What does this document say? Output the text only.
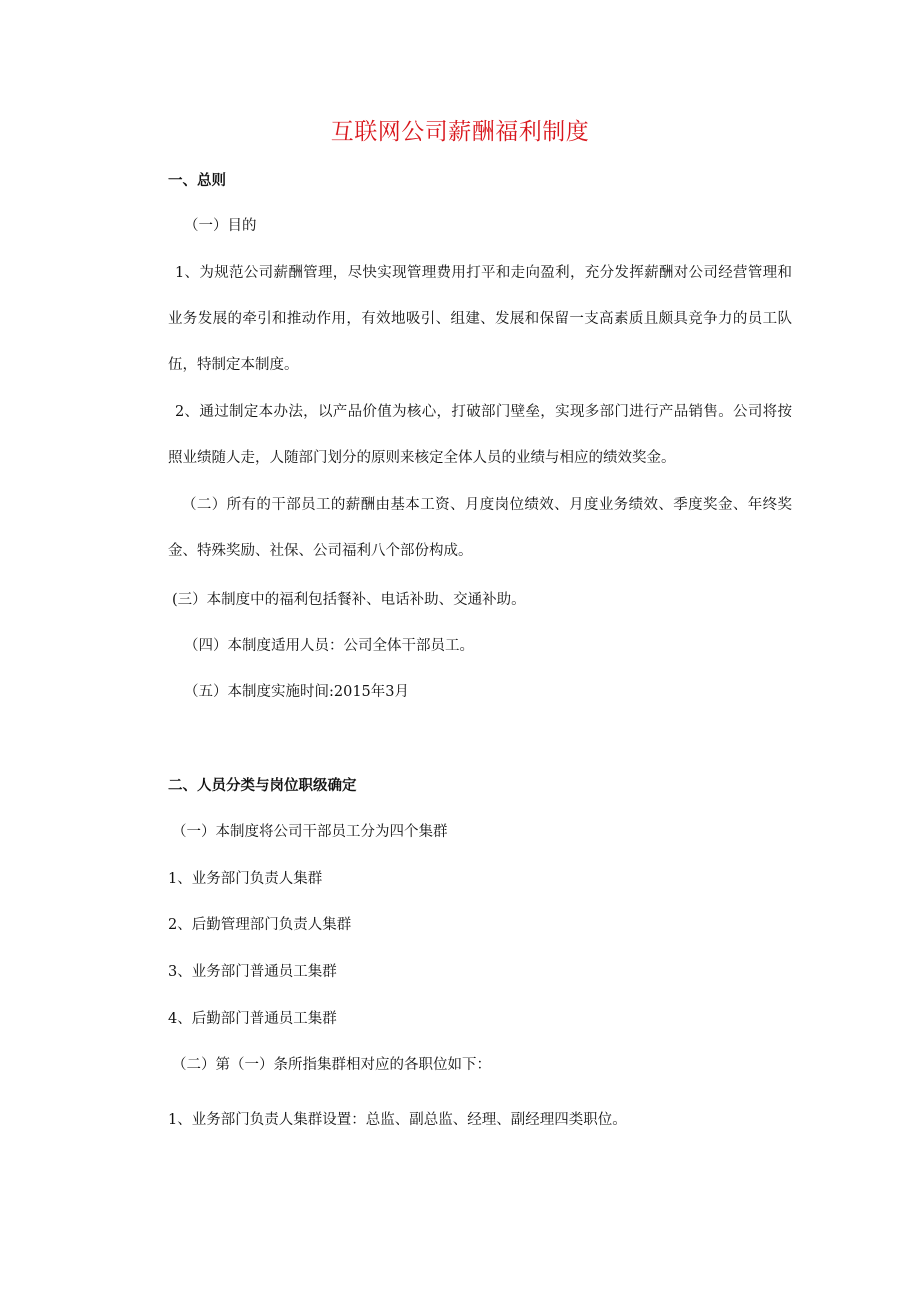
互联网公司薪酬福利制度
一、总则
（一）目的

1、为规范公司薪酬管理，尽快实现管理费用打平和走向盈利，充分发挥薪酬对公司经营管理和业务发展的牵引和推动作用，有效地吸引、组建、发展和保留一支高素质且颇具竞争力的员工队伍，特制定本制度。

2、通过制定本办法，以产品价值为核心，打破部门壁垒，实现多部门进行产品销售。公司将按照业绩随人走，人随部门划分的原则来核定全体人员的业绩与相应的绩效奖金。

（二）所有的干部员工的薪酬由基本工资、月度岗位绩效、月度业务绩效、季度奖金、年终奖金、特殊奖励、社保、公司福利八个部份构成。

(三）本制度中的福利包括餐补、电话补助、交通补助。
（四）本制度适用人员：公司全体干部员工。
（五）本制度实施时间:2015年3月
二、人员分类与岗位职级确定
（一）本制度将公司干部员工分为四个集群
1、业务部门负责人集群
2、后勤管理部门负责人集群
3、业务部门普通员工集群
4、后勤部门普通员工集群
（二）第（一）条所指集群相对应的各职位如下：
1、业务部门负责人集群设置：总监、副总监、经理、副经理四类职位。
